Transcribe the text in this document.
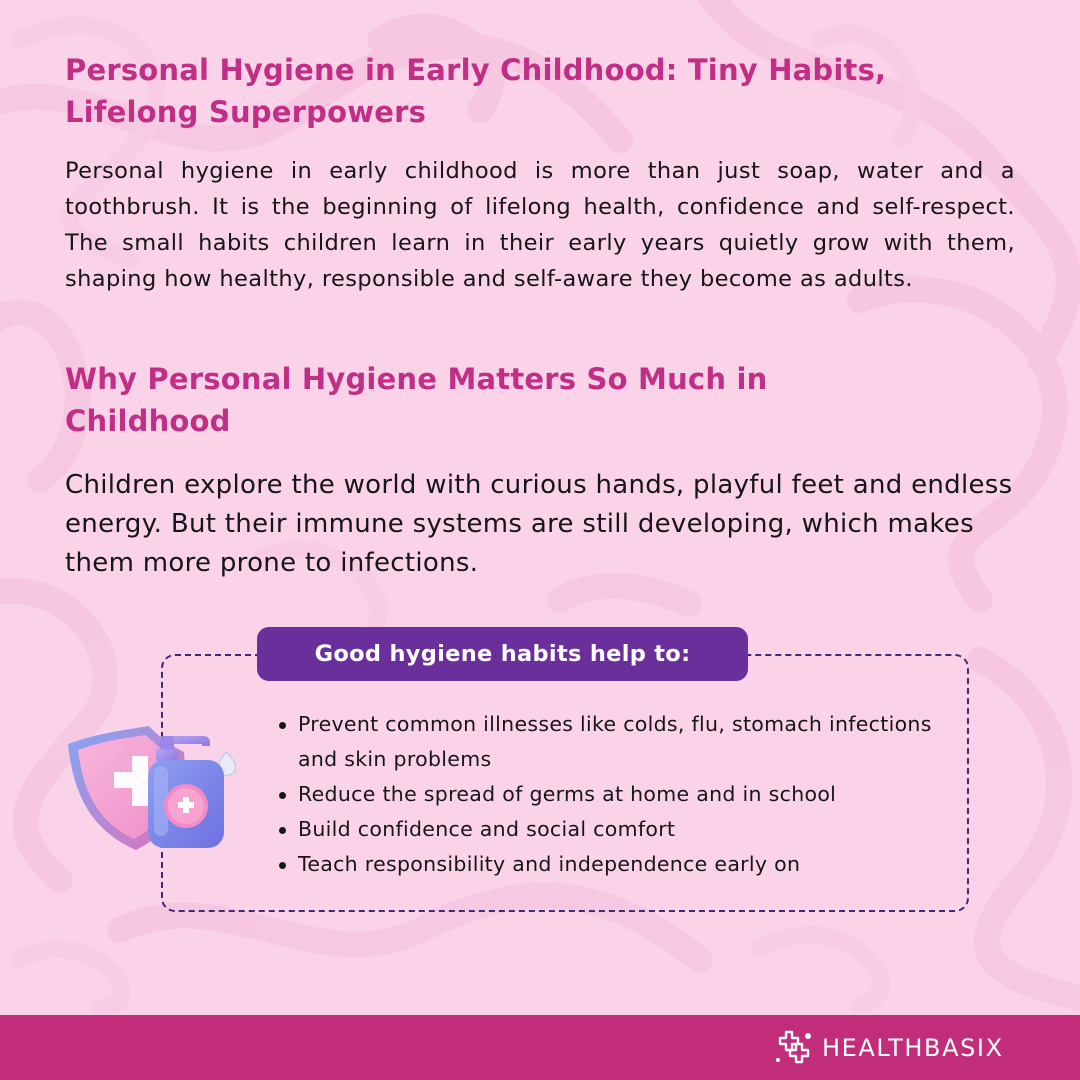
Personal Hygiene in Early Childhood: Tiny Habits, Lifelong Superpowers

Personal hygiene in early childhood is more than just soap, water and a toothbrush. It is the beginning of lifelong health, confidence and self-respect. The small habits children learn in their early years quietly grow with them, shaping how healthy, responsible and self-aware they become as adults.

Why Personal Hygiene Matters So Much in Childhood

Children explore the world with curious hands, playful feet and endless energy. But their immune systems are still developing, which makes them more prone to infections.

Good hygiene habits help to:
Prevent common illnesses like colds, flu, stomach infections and skin problems
Reduce the spread of germs at home and in school
Build confidence and social comfort
Teach responsibility and independence early on
HEALTHBASIX
